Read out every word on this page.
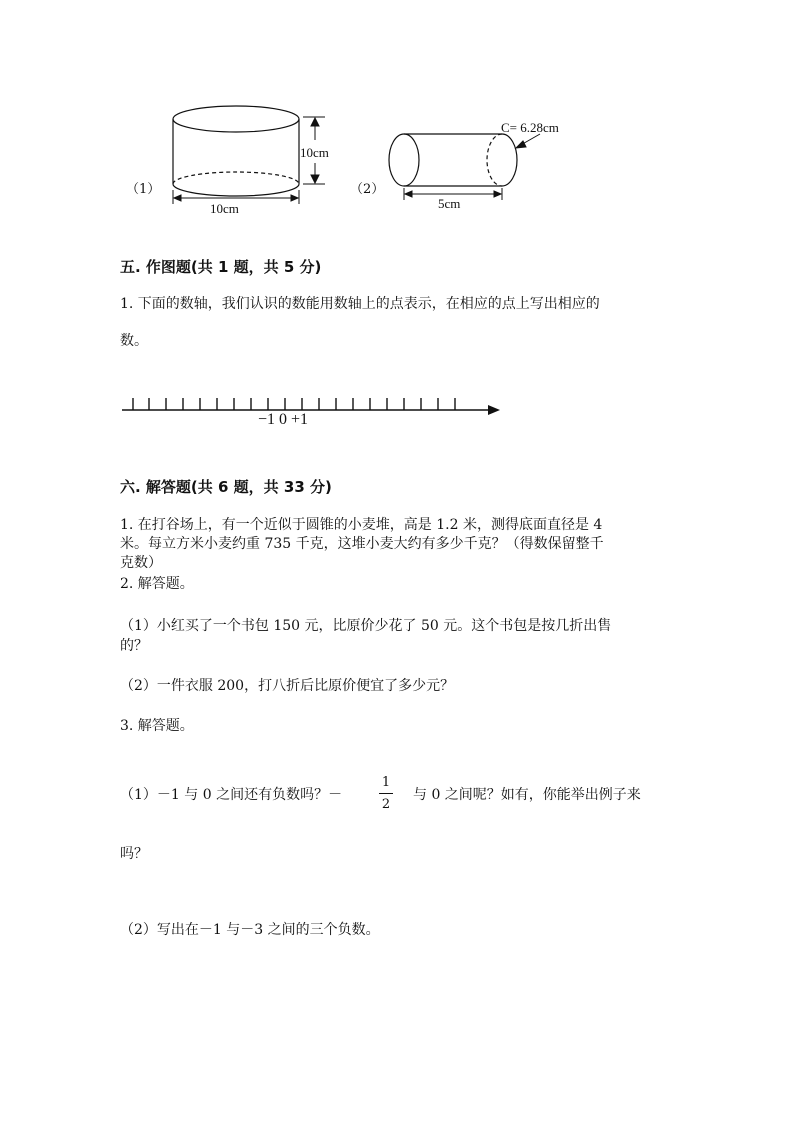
（1）
10cm
10cm
（2）
5cm
C= 6.28cm
五. 作图题(共 1 题，共 5 分)
1. 下面的数轴，我们认识的数能用数轴上的点表示，在相应的点上写出相应的
数。
−1 0 +1
六. 解答题(共 6 题，共 33 分)
1. 在打谷场上，有一个近似于圆锥的小麦堆，高是 1.2 米，测得底面直径是 4
米。每立方米小麦约重 735 千克，这堆小麦大约有多少千克？（得数保留整千
克数）
2. 解答题。
（1）小红买了一个书包 150 元，比原价少花了 50 元。这个书包是按几折出售
的？
（2）一件衣服 200，打八折后比原价便宜了多少元？
3. 解答题。
（1）－1 与 0 之间还有负数吗？－
1
2
与 0 之间呢？如有，你能举出例子来
吗？
（2）写出在－1 与－3 之间的三个负数。
